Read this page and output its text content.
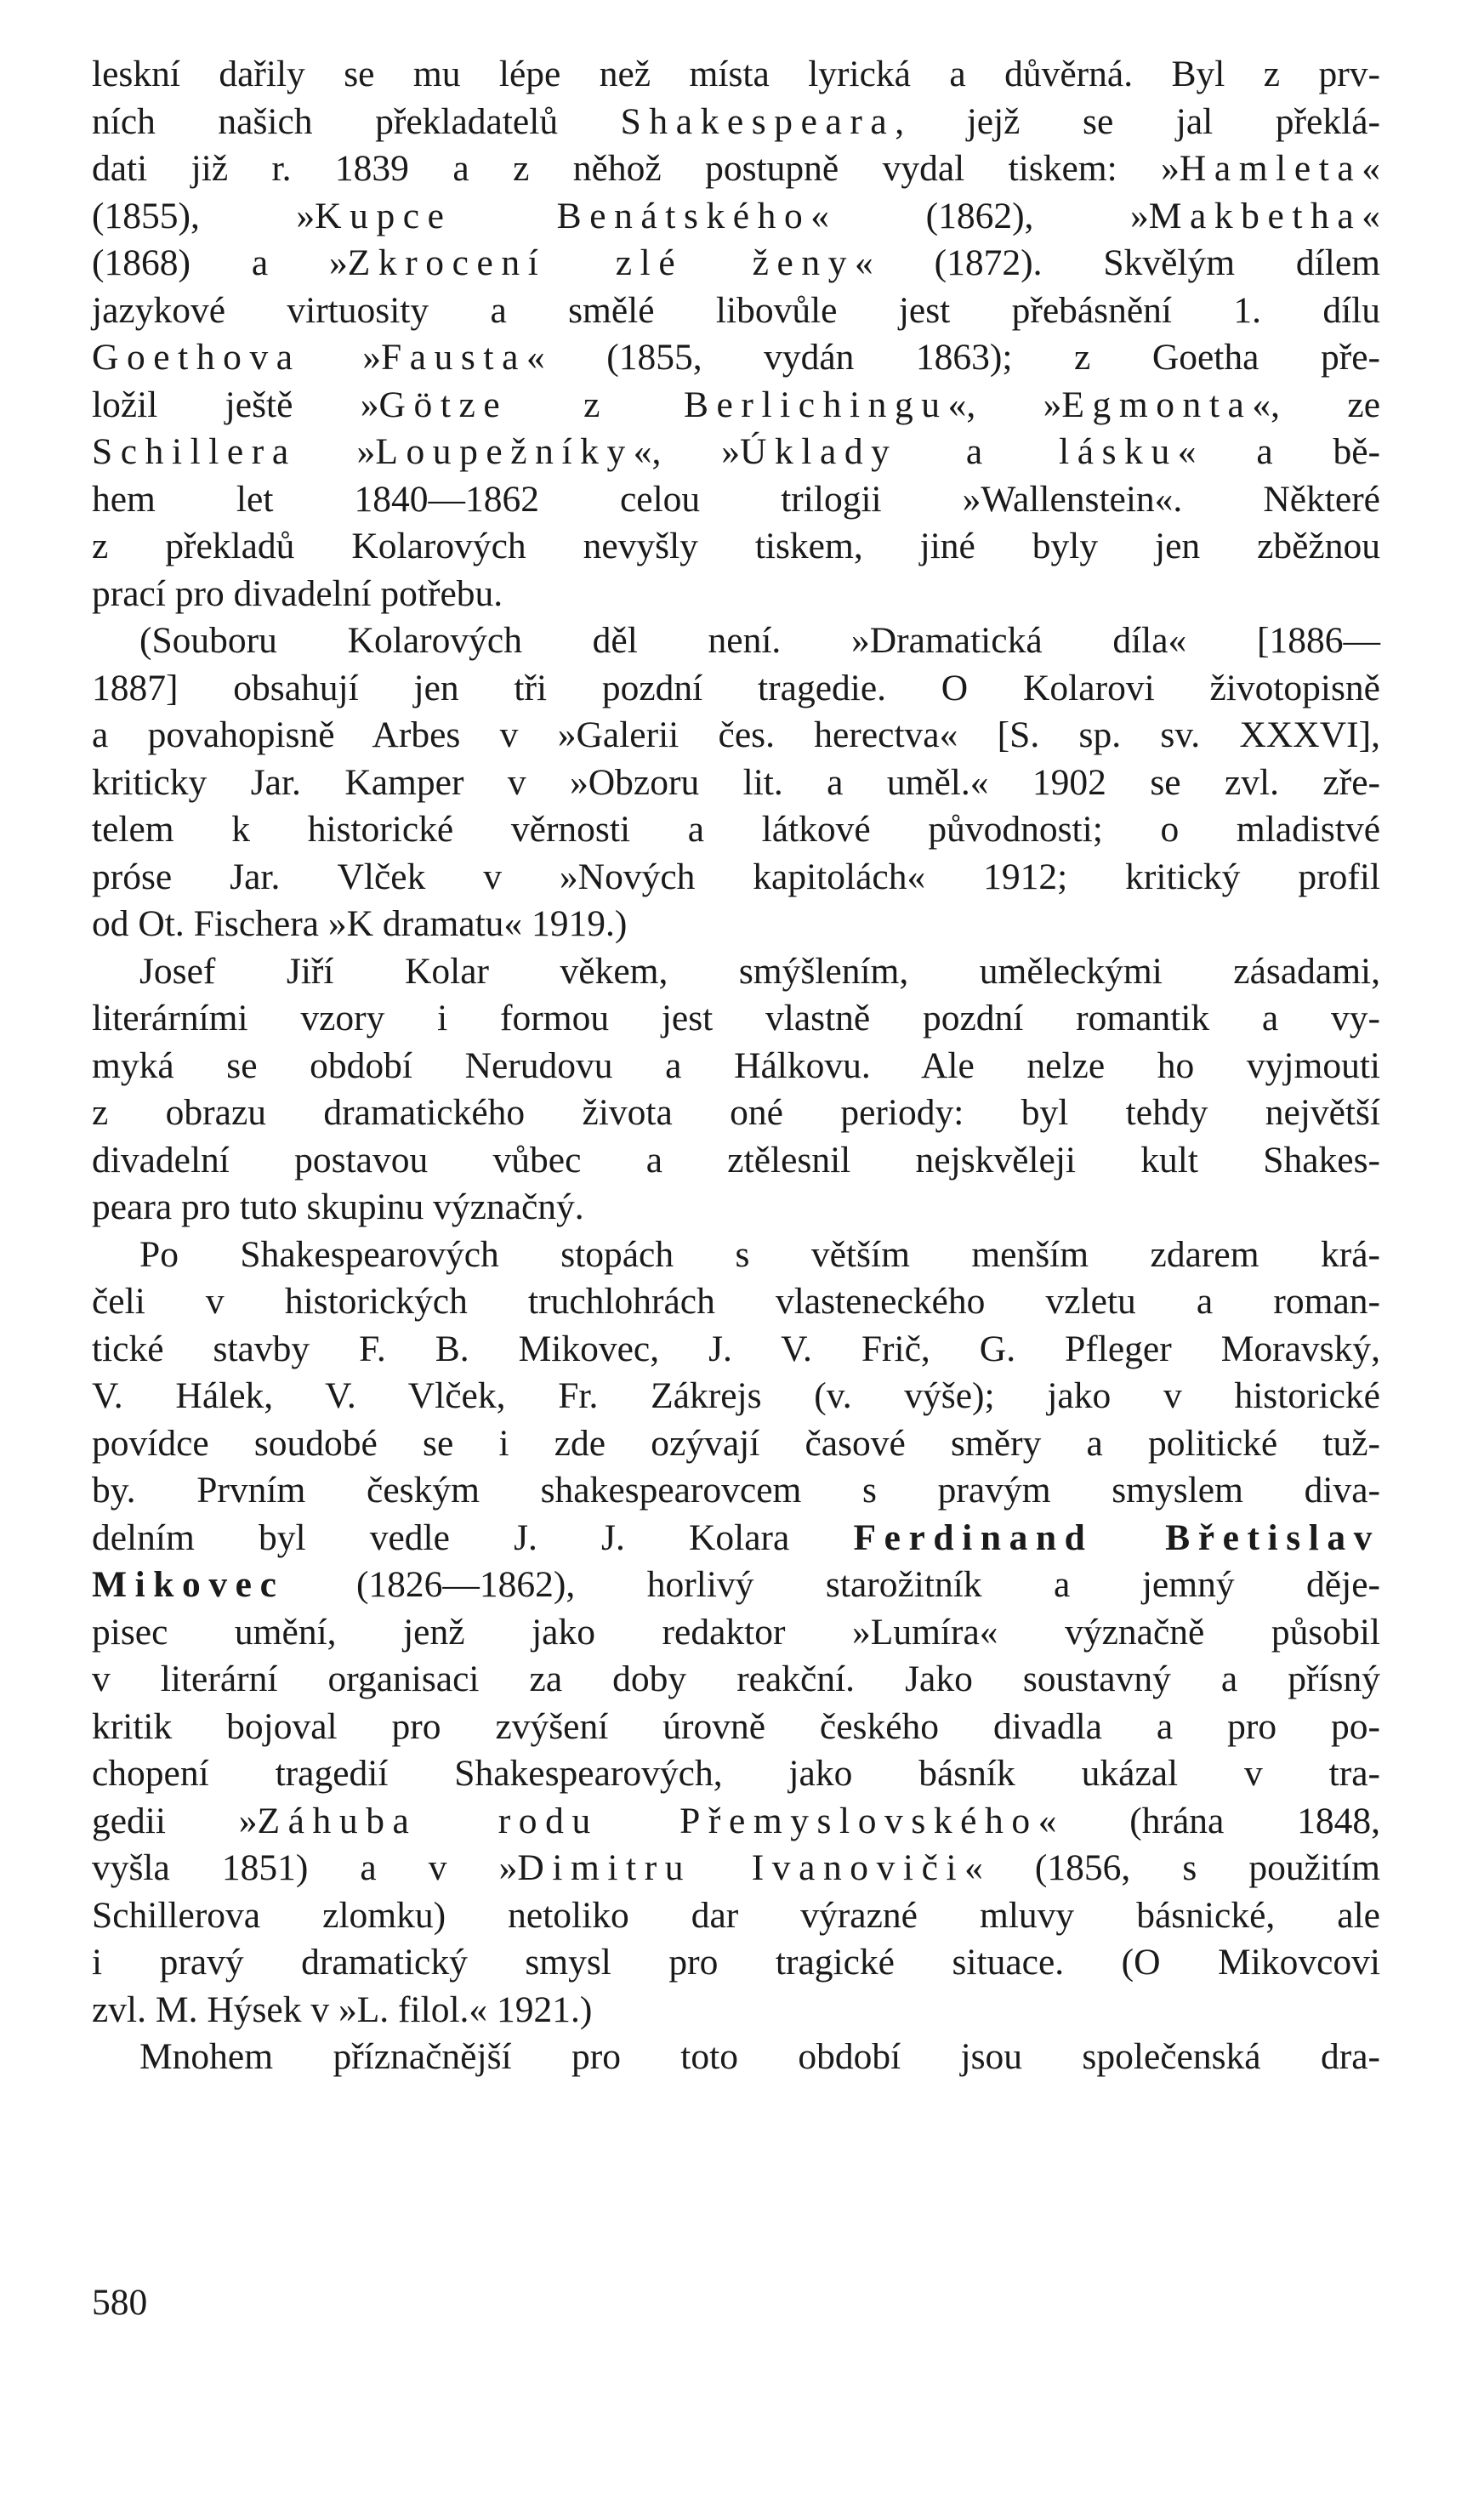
leskní dařily se mu lépe než místa lyrická a důvěrná. Byl z prv-
ních našich překladatelů Shakespeara, jejž se jal překlá-
dati již r. 1839 a z něhož postupně vydal tiskem: »Hamleta«
(1855), »Kupce Benátského« (1862), »Makbetha«
(1868) a »Zkrocení zlé ženy« (1872). Skvělým dílem
jazykové virtuosity a smělé libovůle jest přebásnění 1. dílu
Goethova »Fausta« (1855, vydán 1863); z Goetha pře-
ložil ještě »Götze z Berlichingu«, »Egmonta«, ze
Schillera »Loupežníky«, »Úklady a lásku« a bě-
hem let 1840—1862 celou trilogii »Wallenstein«. Některé
z překladů Kolarových nevyšly tiskem, jiné byly jen zběžnou
prací pro divadelní potřebu.
(Souboru Kolarových děl není. »Dramatická díla« [1886—
1887] obsahují jen tři pozdní tragedie. O Kolarovi životopisně
a povahopisně Arbes v »Galerii čes. herectva« [S. sp. sv. XXXVI],
kriticky Jar. Kamper v »Obzoru lit. a uměl.« 1902 se zvl. zře-
telem k historické věrnosti a látkové původnosti; o mladistvé
próse Jar. Vlček v »Nových kapitolách« 1912; kritický profil
od Ot. Fischera »K dramatu« 1919.)
Josef Jiří Kolar věkem, smýšlením, uměleckými zásadami,
literárními vzory i formou jest vlastně pozdní romantik a vy-
myká se období Nerudovu a Hálkovu. Ale nelze ho vyjmouti
z obrazu dramatického života oné periody: byl tehdy největší
divadelní postavou vůbec a ztělesnil nejskvěleji kult Shakes-
peara pro tuto skupinu význačný.
Po Shakespearových stopách s větším menším zdarem krá-
čeli v historických truchlohrách vlasteneckého vzletu a roman-
tické stavby F. B. Mikovec, J. V. Frič, G. Pfleger Moravský,
V. Hálek, V. Vlček, Fr. Zákrejs (v. výše); jako v historické
povídce soudobé se i zde ozývají časové směry a politické tuž-
by. Prvním českým shakespearovcem s pravým smyslem diva-
delním byl vedle J. J. Kolara Ferdinand Břetislav
Mikovec (1826—1862), horlivý starožitník a jemný děje-
pisec umění, jenž jako redaktor »Lumíra« význačně působil
v literární organisaci za doby reakční. Jako soustavný a přísný
kritik bojoval pro zvýšení úrovně českého divadla a pro po-
chopení tragedií Shakespearových, jako básník ukázal v tra-
gedii »Záhuba rodu Přemyslovského« (hrána 1848,
vyšla 1851) a v »Dimitru Ivanoviči« (1856, s použitím
Schillerova zlomku) netoliko dar výrazné mluvy básnické, ale
i pravý dramatický smysl pro tragické situace. (O Mikovcovi
zvl. M. Hýsek v »L. filol.« 1921.)
Mnohem příznačnější pro toto období jsou společenská dra-
580
